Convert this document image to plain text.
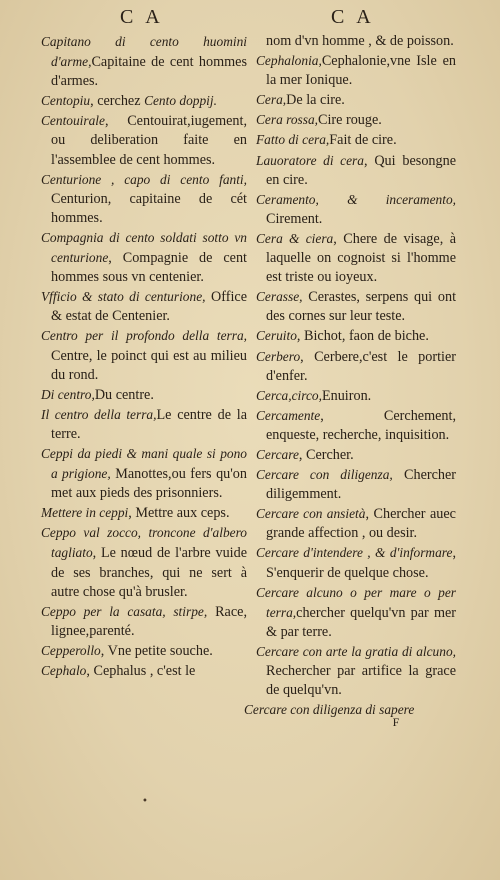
C A	C A

Capitano di cento huomini d'arme,Capitaine de cent hommes d'armes.

Centopiu, cerchez Cento doppij.

Centouirale, Centouirat,iugement, ou deliberation faite en l'assemblee de cent hommes.

Centurione , capo di cento fanti, Centurion, capitaine de cét hommes.

Compagnia di cento soldati sotto vn centurione, Compagnie de cent hommes sous vn centenier.

Vfficio & stato di centurione, Office & estat de Centenier.

Centro per il profondo della terra, Centre, le poinct qui est au milieu du rond.

Di centro,Du centre.

Il centro della terra,Le centre de la terre.

Ceppi da piedi & mani quale si pono a prigione, Manottes,ou fers qu'on met aux pieds des prisonniers.

Mettere in ceppi, Mettre aux ceps.

Ceppo val zocco, troncone d'albero tagliato, Le nœud de l'arbre vuide de ses branches, qui ne sert à autre chose qu'à brusler.

Ceppo per la casata, stirpe, Race, lignee,parenté.

Cepperollo, Vne petite souche.

Cephalo, Cephalus , c'est le

nom d'vn homme , & de poisson.

Cephalonia,Cephalonie,vne Isle en la mer Ionique.

Cera,De la cire.

Cera rossa,Cire rouge.

Fatto di cera,Fait de cire.

Lauoratore di cera, Qui besongne en cire.

Ceramento, & inceramento, Cirement.

Cera & ciera, Chere de visage, à laquelle on cognoist si l'homme est triste ou ioyeux.

Cerasse, Cerastes, serpens qui ont des cornes sur leur teste.

Ceruito, Bichot, faon de biche.

Cerbero, Cerbere,c'est le portier d'enfer.

Cerca,circo,Enuiron.

Cercamente, Cerchement, enqueste, recherche, inquisition.

Cercare, Cercher.

Cercare con diligenza, Chercher diligemment.

Cercare con ansietà, Chercher auec grande affection , ou desir.

Cercare d'intendere , & d'informare, S'enquerir de quelque chose.

Cercare alcuno o per mare o per terra,chercher quelqu'vn par mer & par terre.

Cercare con arte la gratia di alcuno, Rechercher par artifice la grace de quelqu'vn.

Cercare con diligenza di sapere

F

•
